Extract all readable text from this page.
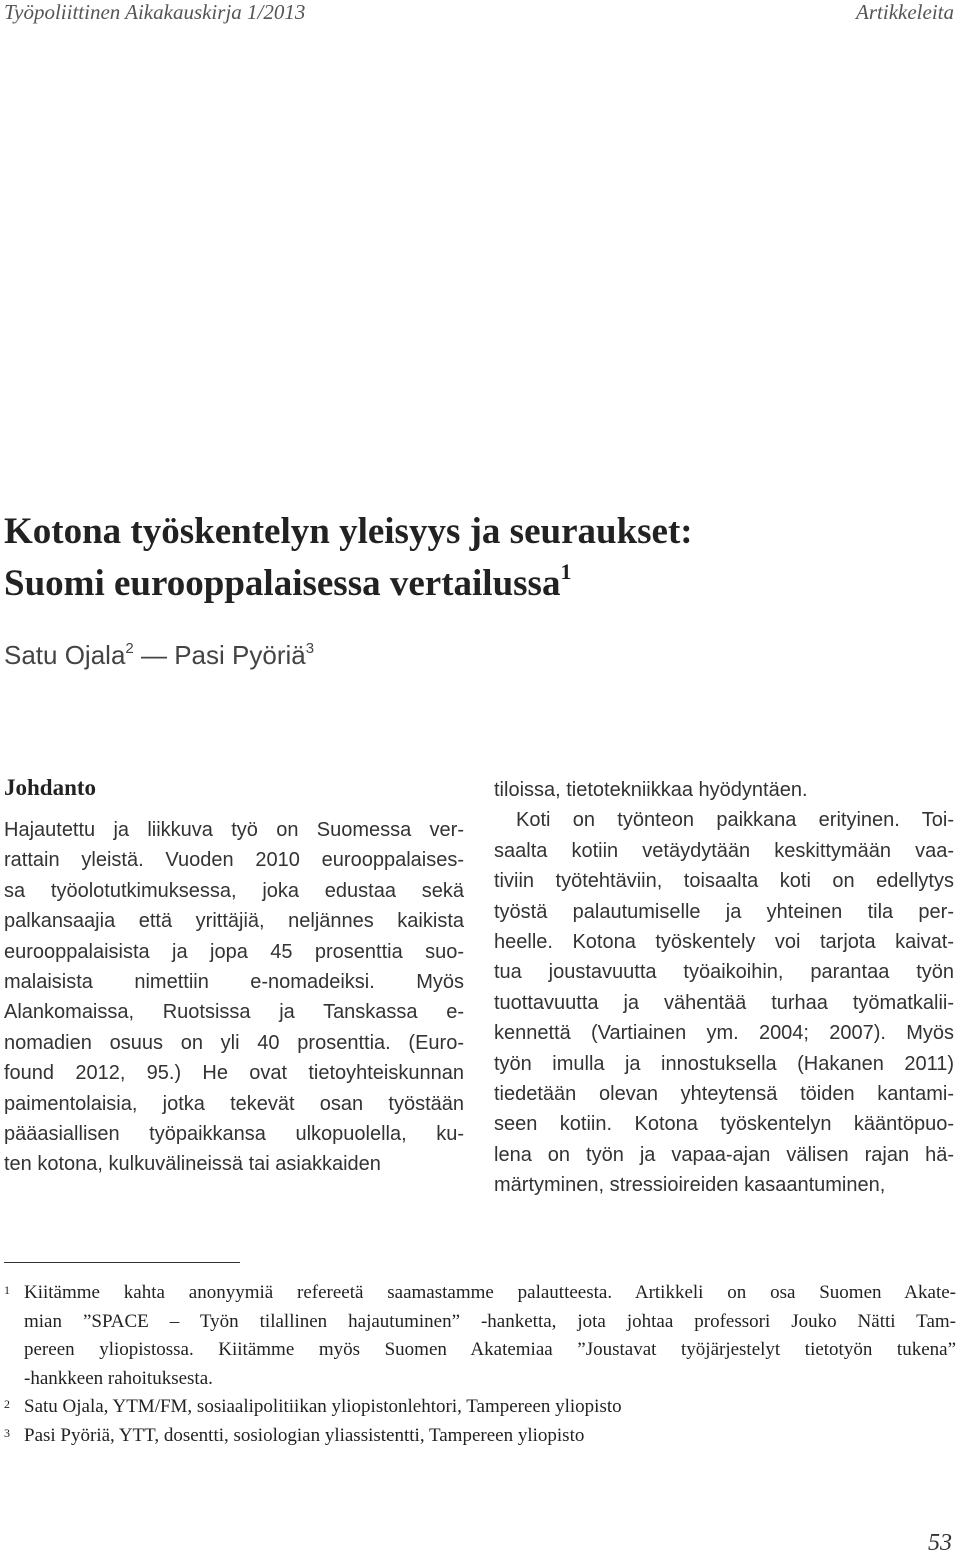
Työpoliittinen Aikakauskirja 1/2013	Artikkeleita
Kotona työskentelyn yleisyys ja seuraukset:
Suomi eurooppalaisessa vertailussa$^1$
Satu Ojala$^2$ — Pasi Pyöriä$^3$
Johdanto
Hajautettu ja liikkuva työ on Suomessa ver-
rattain yleistä. Vuoden 2010 eurooppalaises-
sa työolotutkimuksessa, joka edustaa sekä
palkansaajia että yrittäjiä, neljännes kaikista
eurooppalaisista ja jopa 45 prosenttia suo-
malaisista nimettiin e-nomadeiksi. Myös
Alankomaissa, Ruotsissa ja Tanskassa e-
nomadien osuus on yli 40 prosenttia. (Euro-
found 2012, 95.) He ovat tietoyhteiskunnan
paimentolaisia, jotka tekevät osan työstään
pääasiallisen työpaikkansa ulkopuolella, ku-
ten kotona, kulkuvälineissä tai asiakkaiden
tiloissa, tietotekniikkaa hyödyntäen.
Koti on työnteon paikkana erityinen. Toi-
saalta kotiin vetäydytään keskittymään vaa-
tiviin työtehtäviin, toisaalta koti on edellytys
työstä palautumiselle ja yhteinen tila per-
heelle. Kotona työskentely voi tarjota kaivat-
tua joustavuutta työaikoihin, parantaa työn
tuottavuutta ja vähentää turhaa työmatkalii-
kennettä (Vartiainen ym. 2004; 2007). Myös
työn imulla ja innostuksella (Hakanen 2011)
tiedetään olevan yhteytensä töiden kantami-
seen kotiin. Kotona työskentelyn kääntöpuo-
lena on työn ja vapaa-ajan välisen rajan hä-
märtyminen, stressioireiden kasaantuminen,
1 Kiitämme kahta anonyymiä refereetä saamastamme palautteesta. Artikkeli on osa Suomen Akate-
mian ”SPACE – Työn tilallinen hajautuminen” -hanketta, jota johtaa professori Jouko Nätti Tam-
pereen yliopistossa. Kiitämme myös Suomen Akatemiaa ”Joustavat työjärjestelyt tietotyön tukena”
-hankkeen rahoituksesta.
2 Satu Ojala, YTM/FM, sosiaalipolitiikan yliopistonlehtori, Tampereen yliopisto
3 Pasi Pyöriä, YTT, dosentti, sosiologian yliassistentti, Tampereen yliopisto
53
